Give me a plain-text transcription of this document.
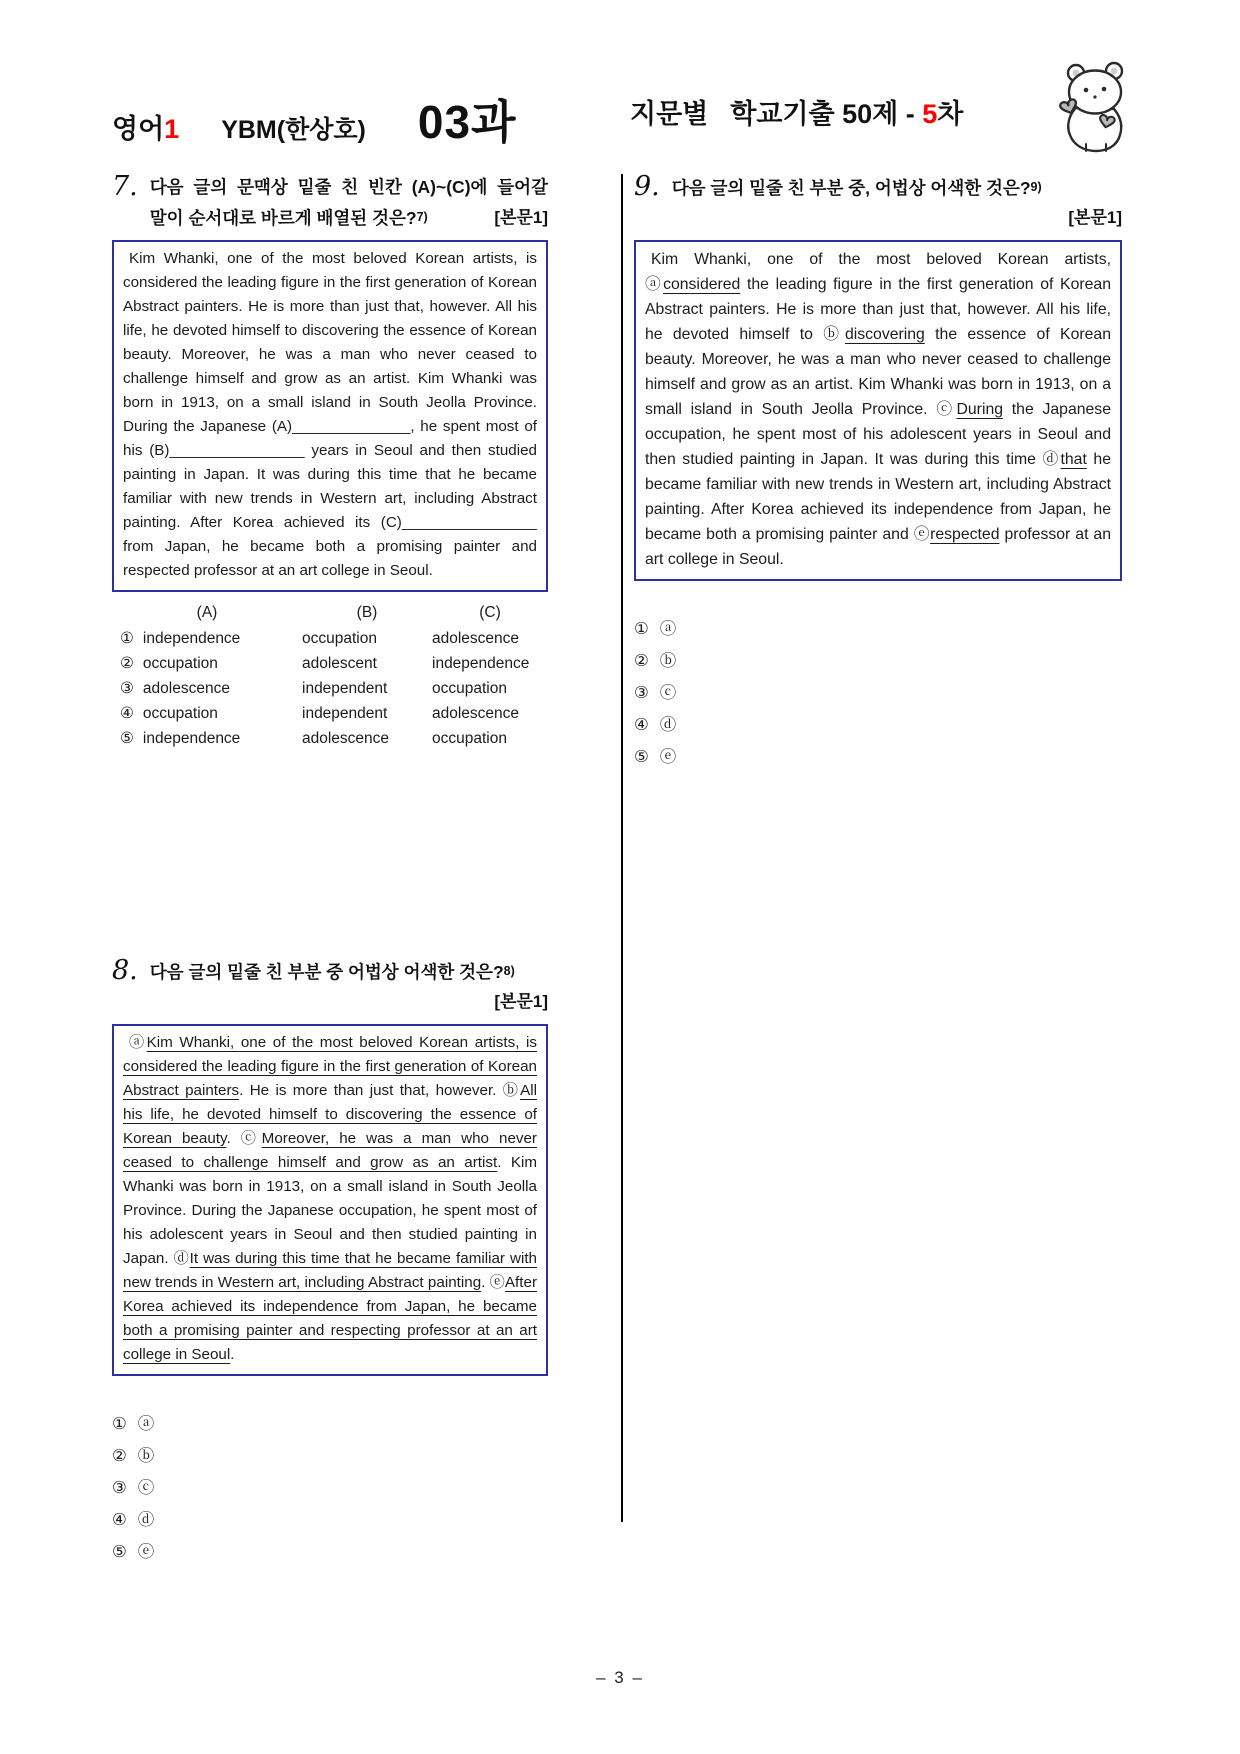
영어1 YBM(한상호) 03과	지문별 학교기출 50제 - 5차
7. 다음 글의 문맥상 밑줄 친 빈칸 (A)~(C)에 들어갈 말이 순서대로 바르게 배열된 것은?7)	[본문1]
Kim Whanki, one of the most beloved Korean artists, is considered the leading figure in the first generation of Korean Abstract painters. He is more than just that, however. All his life, he devoted himself to discovering the essence of Korean beauty. Moreover, he was a man who never ceased to challenge himself and grow as an artist. Kim Whanki was born in 1913, on a small island in South Jeolla Province. During the Japanese (A)______________, he spent most of his (B)________________ years in Seoul and then studied painting in Japan. It was during this time that he became familiar with new trends in Western art, including Abstract painting. After Korea achieved its (C)________________ from Japan, he became both a promising painter and respected professor at an art college in Seoul.
(A)	(B)	(C)
① independence	occupation	adolescence
② occupation	adolescent	independence
③ adolescence	independent	occupation
④ occupation	independent	adolescence
⑤ independence	adolescence	occupation
8. 다음 글의 밑줄 친 부분 중 어법상 어색한 것은?8)
[본문1]
ⓐKim Whanki, one of the most beloved Korean artists, is considered the leading figure in the first generation of Korean Abstract painters. He is more than just that, however. ⓑAll his life, he devoted himself to discovering the essence of Korean beauty. ⓒMoreover, he was a man who never ceased to challenge himself and grow as an artist. Kim Whanki was born in 1913, on a small island in South Jeolla Province. During the Japanese occupation, he spent most of his adolescent years in Seoul and then studied painting in Japan. ⓓIt was during this time that he became familiar with new trends in Western art, including Abstract painting. ⓔAfter Korea achieved its independence from Japan, he became both a promising painter and respecting professor at an art college in Seoul.
① ⓐ
② ⓑ
③ ⓒ
④ ⓓ
⑤ ⓔ
9. 다음 글의 밑줄 친 부분 중, 어법상 어색한 것은?9)
[본문1]
Kim Whanki, one of the most beloved Korean artists, ⓐconsidered the leading figure in the first generation of Korean Abstract painters. He is more than just that, however. All his life, he devoted himself to ⓑdiscovering the essence of Korean beauty. Moreover, he was a man who never ceased to challenge himself and grow as an artist. Kim Whanki was born in 1913, on a small island in South Jeolla Province. ⓒDuring the Japanese occupation, he spent most of his adolescent years in Seoul and then studied painting in Japan. It was during this time ⓓthat he became familiar with new trends in Western art, including Abstract painting. After Korea achieved its independence from Japan, he became both a promising painter and ⓔrespected professor at an art college in Seoul.
① ⓐ
② ⓑ
③ ⓒ
④ ⓓ
⑤ ⓔ
– 3 –
